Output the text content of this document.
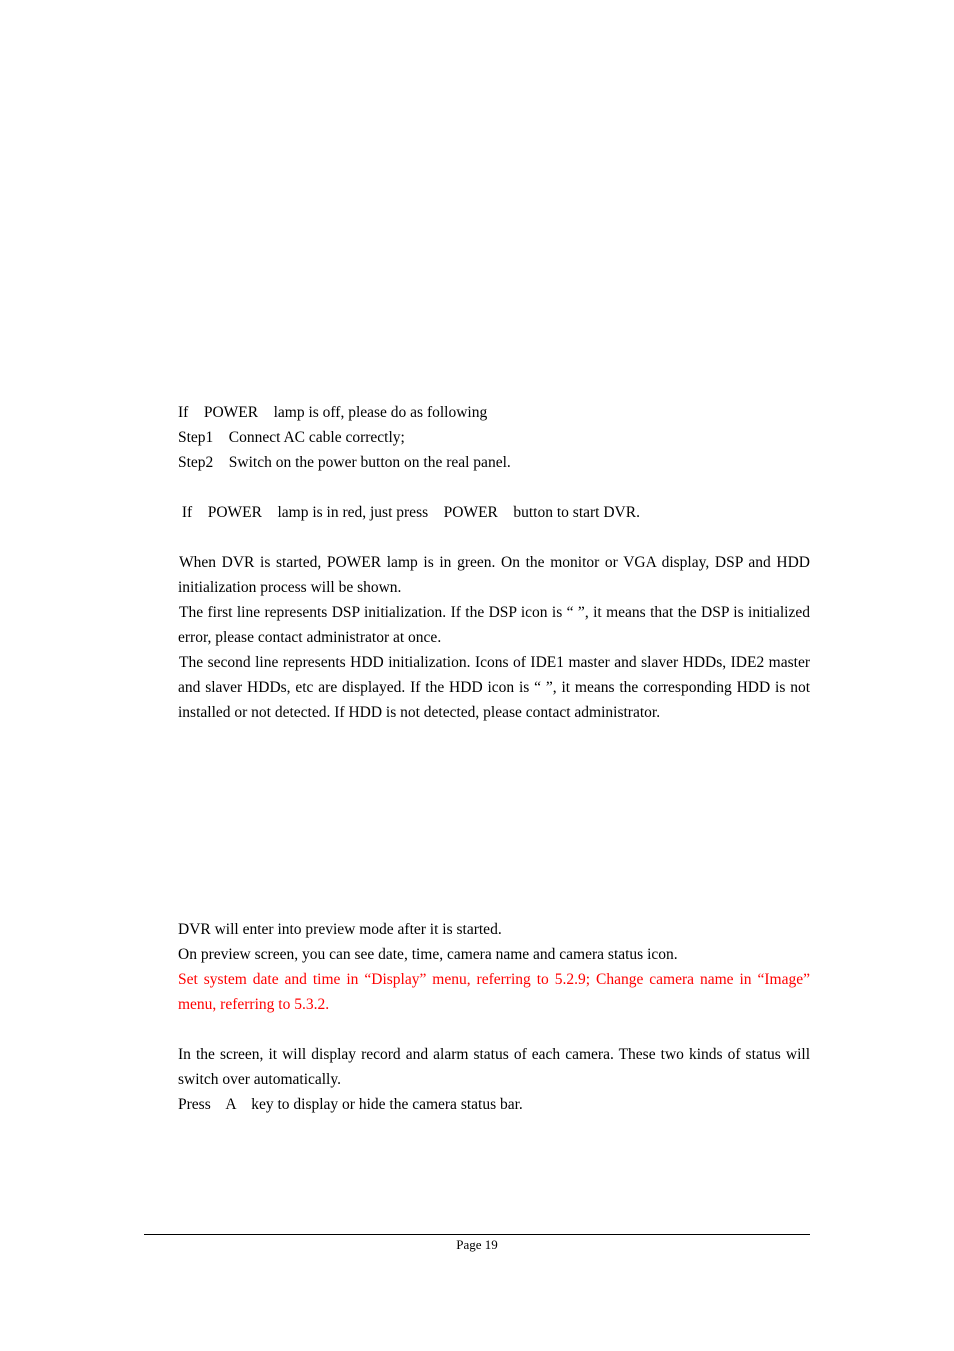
If    POWER    lamp is off, please do as following
Step1    Connect AC cable correctly;
Step2    Switch on the power button on the real panel.
If    POWER    lamp is in red, just press    POWER    button to start DVR.
When DVR is started, POWER lamp is in green. On the monitor or VGA display, DSP and HDD initialization process will be shown.
The first line represents DSP initialization. If the DSP icon is “ ”, it means that the DSP is initialized error, please contact administrator at once.
The second line represents HDD initialization. Icons of IDE1 master and slaver HDDs, IDE2 master and slaver HDDs, etc are displayed. If the HDD icon is “ ”, it means the corresponding HDD is not installed or not detected. If HDD is not detected, please contact administrator.
DVR will enter into preview mode after it is started.
On preview screen, you can see date, time, camera name and camera status icon.
Set system date and time in “Display” menu, referring to 5.2.9; Change camera name in “Image” menu, referring to 5.3.2.
In the screen, it will display record and alarm status of each camera. These two kinds of status will switch over automatically.
Press    A    key to display or hide the camera status bar.
Page 19
